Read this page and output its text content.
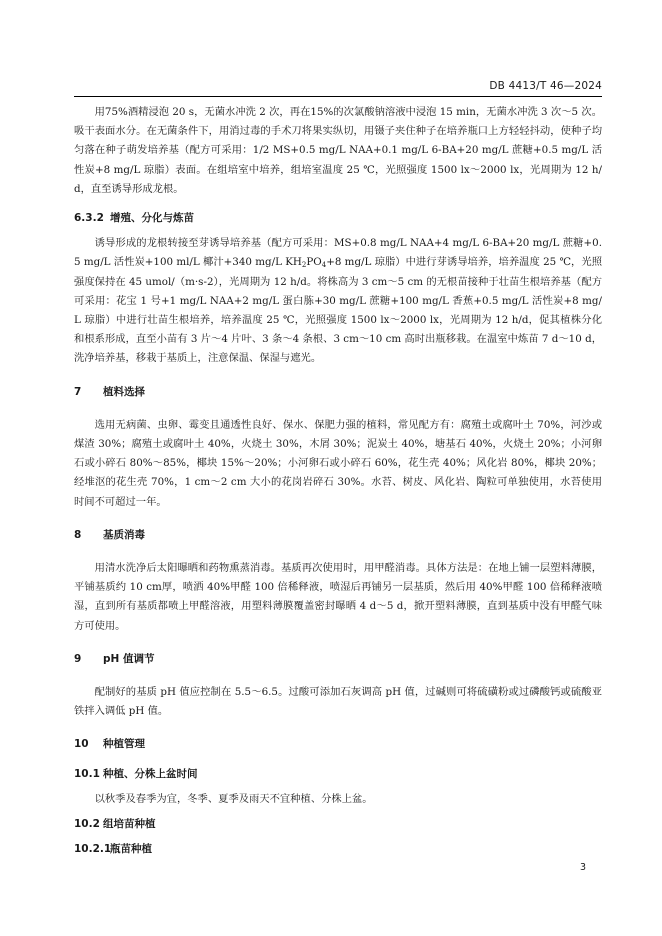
DB 4413/T 46—2024

用75%酒精浸泡 20 s，无菌水冲洗 2 次，再在15%的次氯酸钠溶液中浸泡 15 min，无菌水冲洗 3 次～5 次。吸干表面水分。在无菌条件下，用消过毒的手术刀将果实纵切，用镊子夹住种子在培养瓶口上方轻轻抖动，使种子均匀落在种子萌发培养基（配方可采用：1/2 MS+0.5 mg/L NAA+0.1 mg/L 6-BA+20 mg/L 蔗糖+0.5 mg/L 活性炭+8 mg/L 琼脂）表面。在组培室中培养，组培室温度 25 ℃，光照强度 1500 lx～2000 lx，光周期为 12 h/d，直至诱导形成龙根。

6.3.2 增殖、分化与炼苗

诱导形成的龙根转接至芽诱导培养基（配方可采用：MS+0.8 mg/L NAA+4 mg/L 6-BA+20 mg/L 蔗糖+0.5 mg/L 活性炭+100 ml/L 椰汁+340 mg/L $KH_2PO_4+8$ mg/L 琼脂）中进行芽诱导培养，培养温度 25 ℃，光照强度保持在 45 umol/（m·s-2），光周期为 12 h/d。将株高为 3 cm～5 cm 的无根苗接种于壮苗生根培养基（配方可采用：花宝 1 号+1 mg/L NAA+2 mg/L 蛋白胨+30 mg/L 蔗糖+100 mg/L 香蕉+0.5 mg/L 活性炭+8 mg/L 琼脂）中进行壮苗生根培养，培养温度 25 ℃，光照强度 1500 lx～2000 lx，光周期为 12 h/d，促其植株分化和根系形成，直至小苗有 3 片～4 片叶、3 条～4 条根、3 cm～10 cm 高时出瓶移栽。在温室中炼苗 7 d～10 d，洗净培养基，移栽于基质上，注意保温、保湿与遮光。

7	植料选择

选用无病菌、虫卵、霉变且通透性良好、保水、保肥力强的植料，常见配方有：腐殖土或腐叶土 70%，河沙或煤渣 30%；腐殖土或腐叶土 40%，火烧土 30%，木屑 30%；泥炭土 40%，塘基石 40%，火烧土 20%；小河卵石或小碎石 80%～85%，椰块 15%～20%；小河卵石或小碎石 60%，花生壳 40%；风化岩 80%，椰块 20%；经堆沤的花生壳 70%，1 cm～2 cm 大小的花岗岩碎石 30%。水苔、树皮、风化岩、陶粒可单独使用，水苔使用时间不可超过一年。

8	基质消毒

用清水洗净后太阳曝晒和药物熏蒸消毒。基质再次使用时，用甲醛消毒。具体方法是：在地上铺一层塑料薄膜，平铺基质约 10 cm厚，喷洒 40%甲醛 100 倍稀释液，喷湿后再铺另一层基质，然后用 40%甲醛 100 倍稀释液喷湿，直到所有基质都喷上甲醛溶液，用塑料薄膜覆盖密封曝晒 4 d～5 d，掀开塑料薄膜，直到基质中没有甲醛气味方可使用。

9	pH 值调节

配制好的基质 pH 值应控制在 5.5～6.5。过酸可添加石灰调高 pH 值，过碱则可将硫磺粉或过磷酸钙或硫酸亚铁拌入调低 pH 值。

10	种植管理
10.1 种植、分株上盆时间

以秋季及春季为宜，冬季、夏季及雨天不宜种植、分株上盆。

10.2 组培苗种植
10.2.1
瓶苗种植
3
